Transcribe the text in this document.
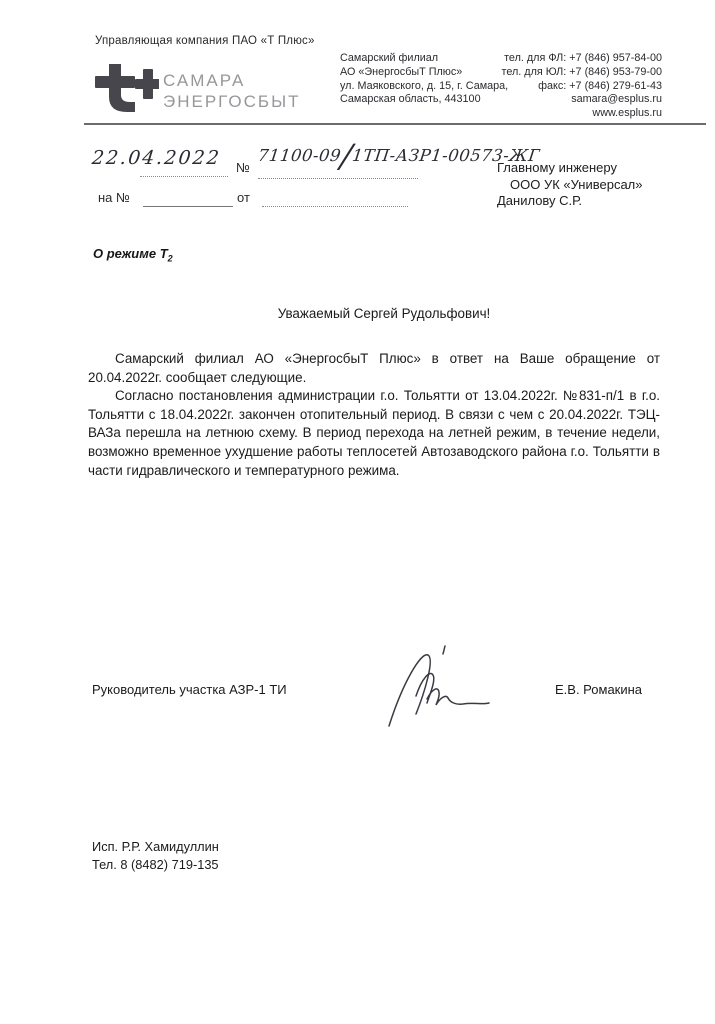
Управляющая компания ПАО «Т Плюс»
САМАРА
ЭНЕРГОСБЫТ
Самарский филиал
АО «ЭнергосбыТ Плюс»
ул. Маяковского, д. 15, г. Самара,
Самарская область, 443100
тел. для ФЛ: +7 (846) 957-84-00
тел. для ЮЛ: +7 (846) 953-79-00
факс: +7 (846) 279-61-43
samara@esplus.ru
www.esplus.ru
22.04.2022 №
71100-09/1ТП-АЗР1-00573-ЖГ
на №	от
Главному инженеру
ООО УК «Универсал»
Данилову С.Р.
О режиме $Т_2$
Уважаемый Сергей Рудольфович!

Самарский филиал АО «ЭнергосбыТ Плюс» в ответ на Ваше обращение от 20.04.2022г. сообщает следующие.

Согласно постановления администрации г.о. Тольятти от 13.04.2022г. №831-п/1 в г.о. Тольятти с 18.04.2022г. закончен отопительный период. В связи с чем с 20.04.2022г. ТЭЦ-ВАЗа перешла на летнюю схему. В период перехода на летней режим, в течение недели, возможно временное ухудшение работы теплосетей Автозаводского района г.о. Тольятти в части гидравлического и температурного режима.

Руководитель участка АЗР-1 ТИ	Е.В. Ромакина
Исп. Р.Р. Хамидуллин
Тел. 8 (8482) 719-135
